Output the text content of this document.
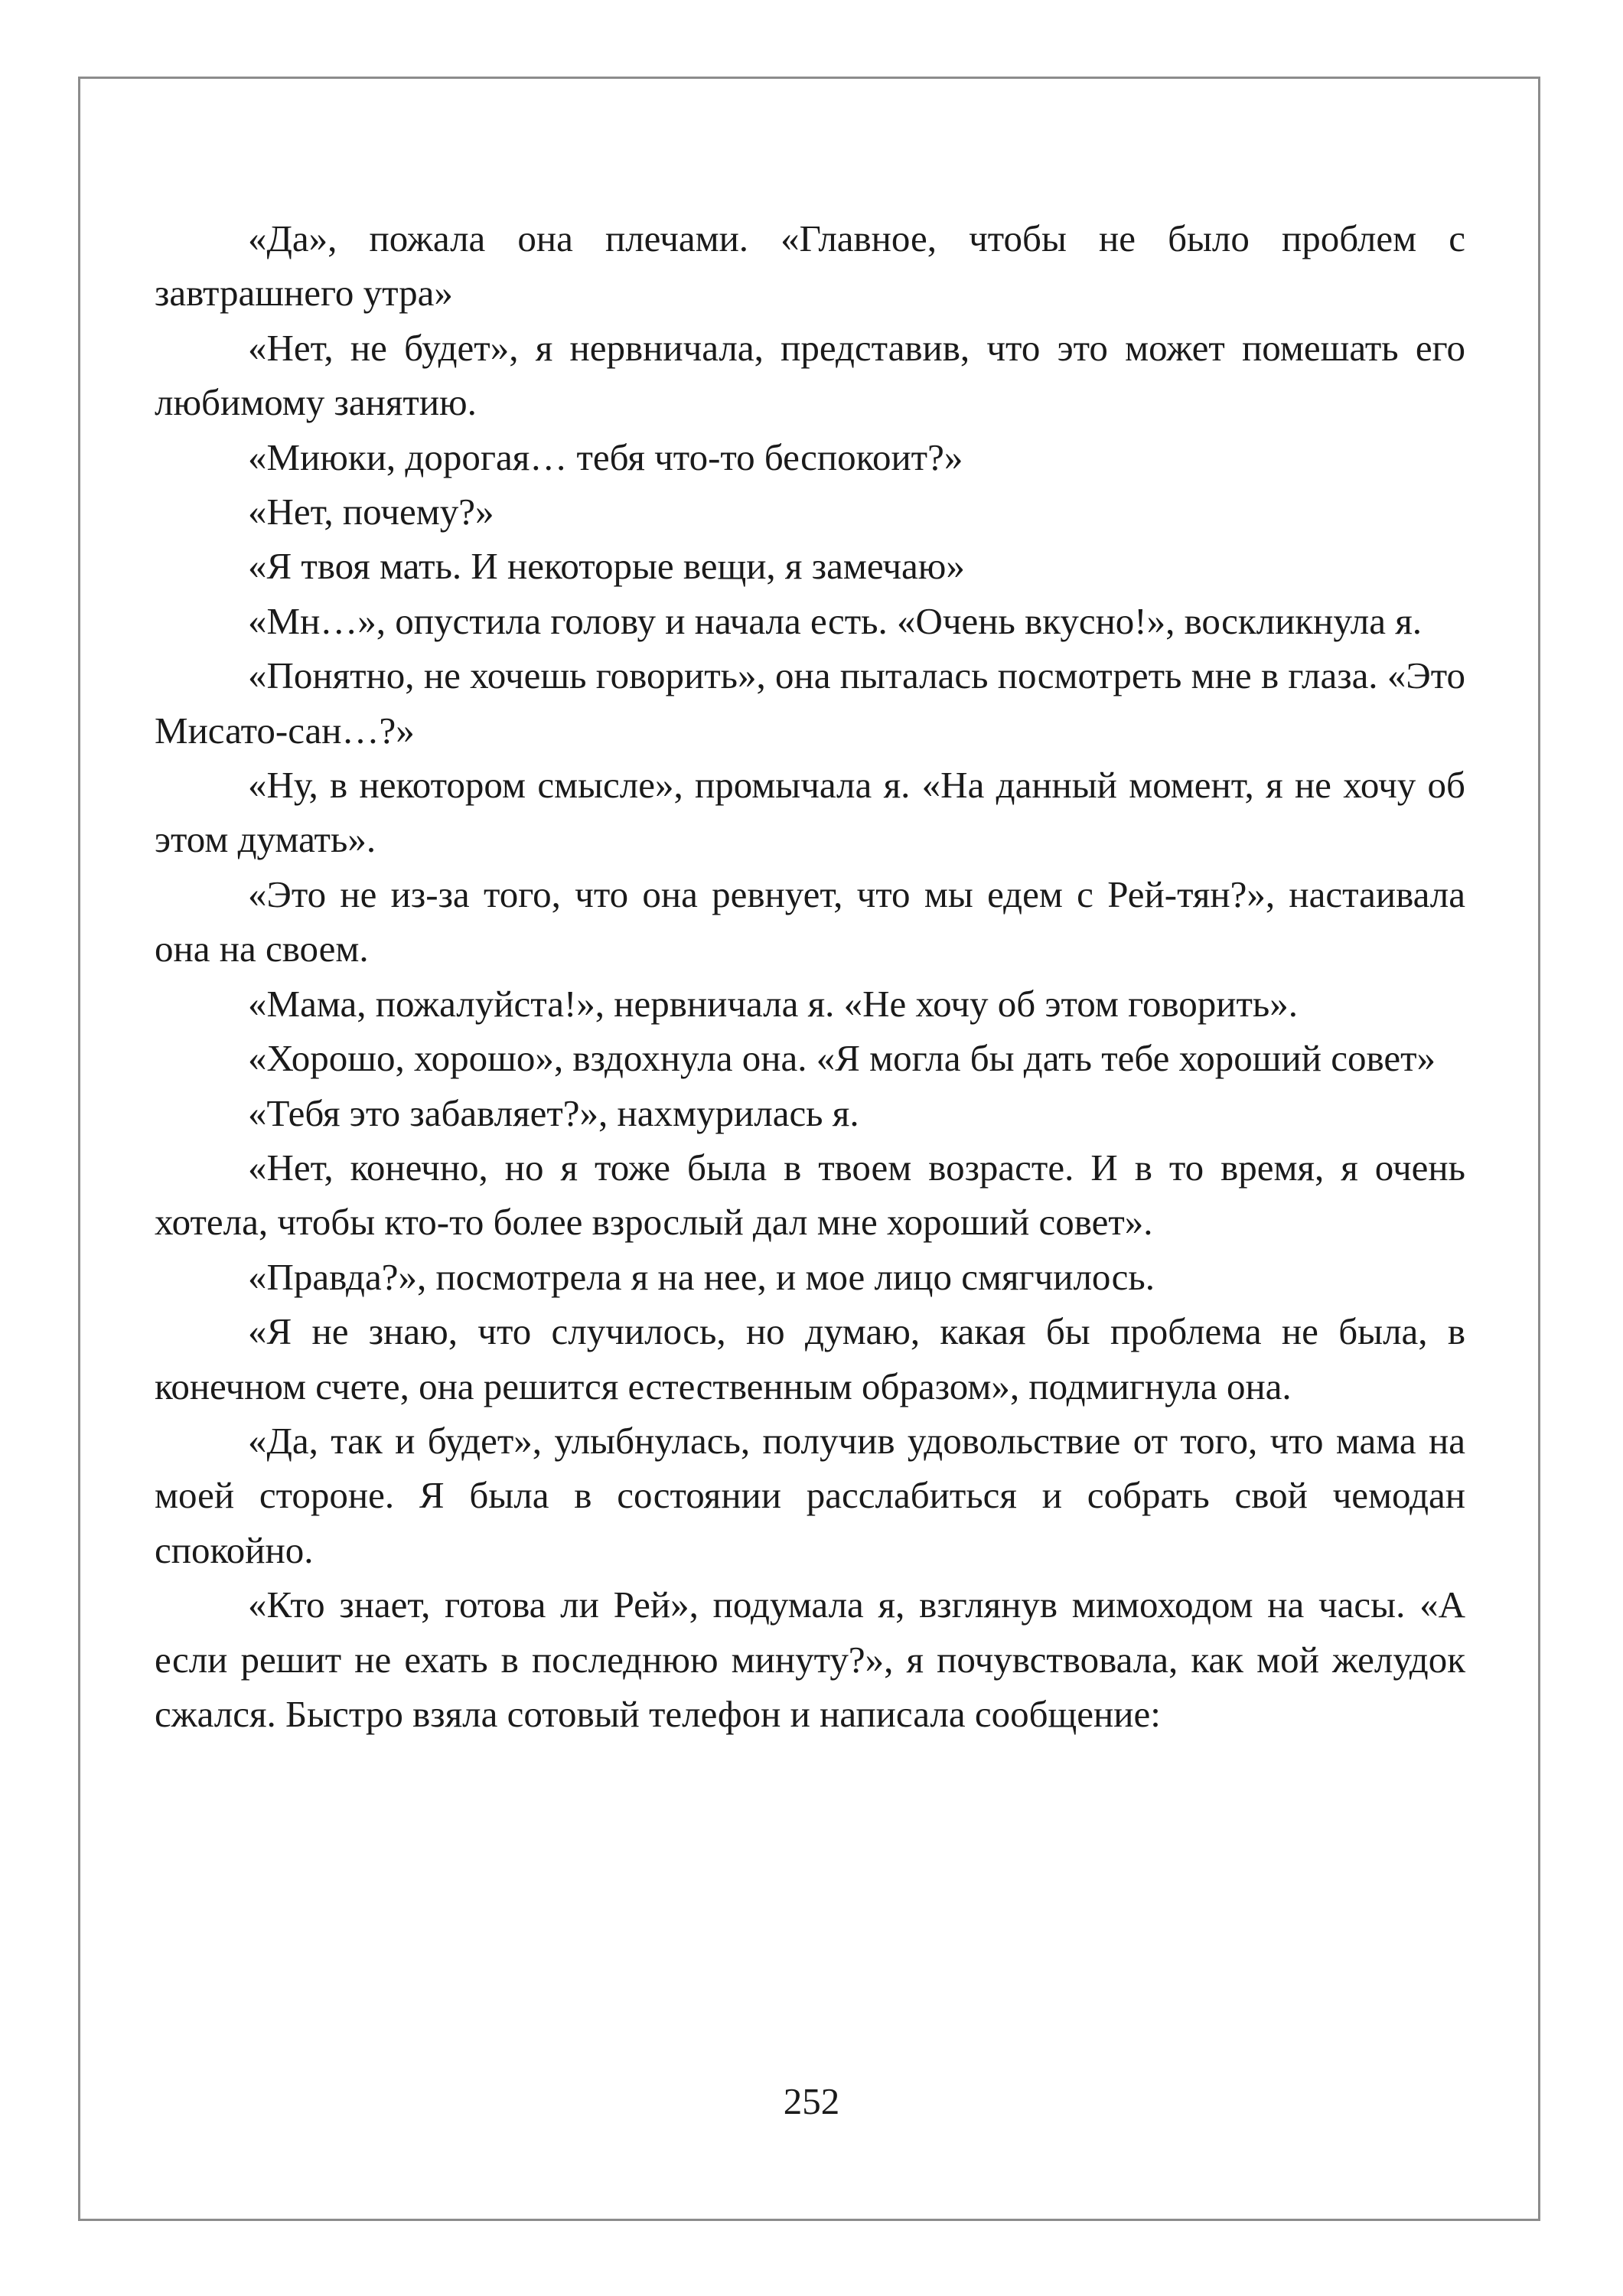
«Да», пожала она плечами. «Главное, чтобы не было проблем с завтрашнего утра»

«Нет, не будет», я нервничала, представив, что это может помешать его любимому занятию.

«Миюки, дорогая… тебя что-то беспокоит?»

«Нет, почему?»

«Я твоя мать. И некоторые вещи, я замечаю»

«Мн…», опустила голову и начала есть. «Очень вкусно!», воскликнула я.

«Понятно, не хочешь говорить», она пыталась посмотреть мне в глаза. «Это Мисато-сан…?»

«Ну, в некотором смысле», промычала я. «На данный момент, я не хочу об этом думать».

«Это не из-за того, что она ревнует, что мы едем с Рей-тян?», настаивала она на своем.

«Мама, пожалуйста!», нервничала я. «Не хочу об этом говорить».

«Хорошо, хорошо», вздохнула она. «Я могла бы дать тебе хороший совет»

«Тебя это забавляет?», нахмурилась я.

«Нет, конечно, но я тоже была в твоем возрасте. И в то время, я очень хотела, чтобы кто-то более взрослый дал мне хороший совет».

«Правда?», посмотрела я на нее, и мое лицо смягчилось.

«Я не знаю, что случилось, но думаю, какая бы проблема не была, в конечном счете, она решится естественным образом», подмигнула она.

«Да, так и будет», улыбнулась, получив удовольствие от того, что мама на моей стороне. Я была в состоянии расслабиться и собрать свой чемодан спокойно.

«Кто знает, готова ли Рей», подумала я, взглянув мимоходом на часы. «А если решит не ехать в последнюю минуту?», я почувствовала, как мой желудок сжался. Быстро взяла сотовый телефон и написала сообщение:

252
